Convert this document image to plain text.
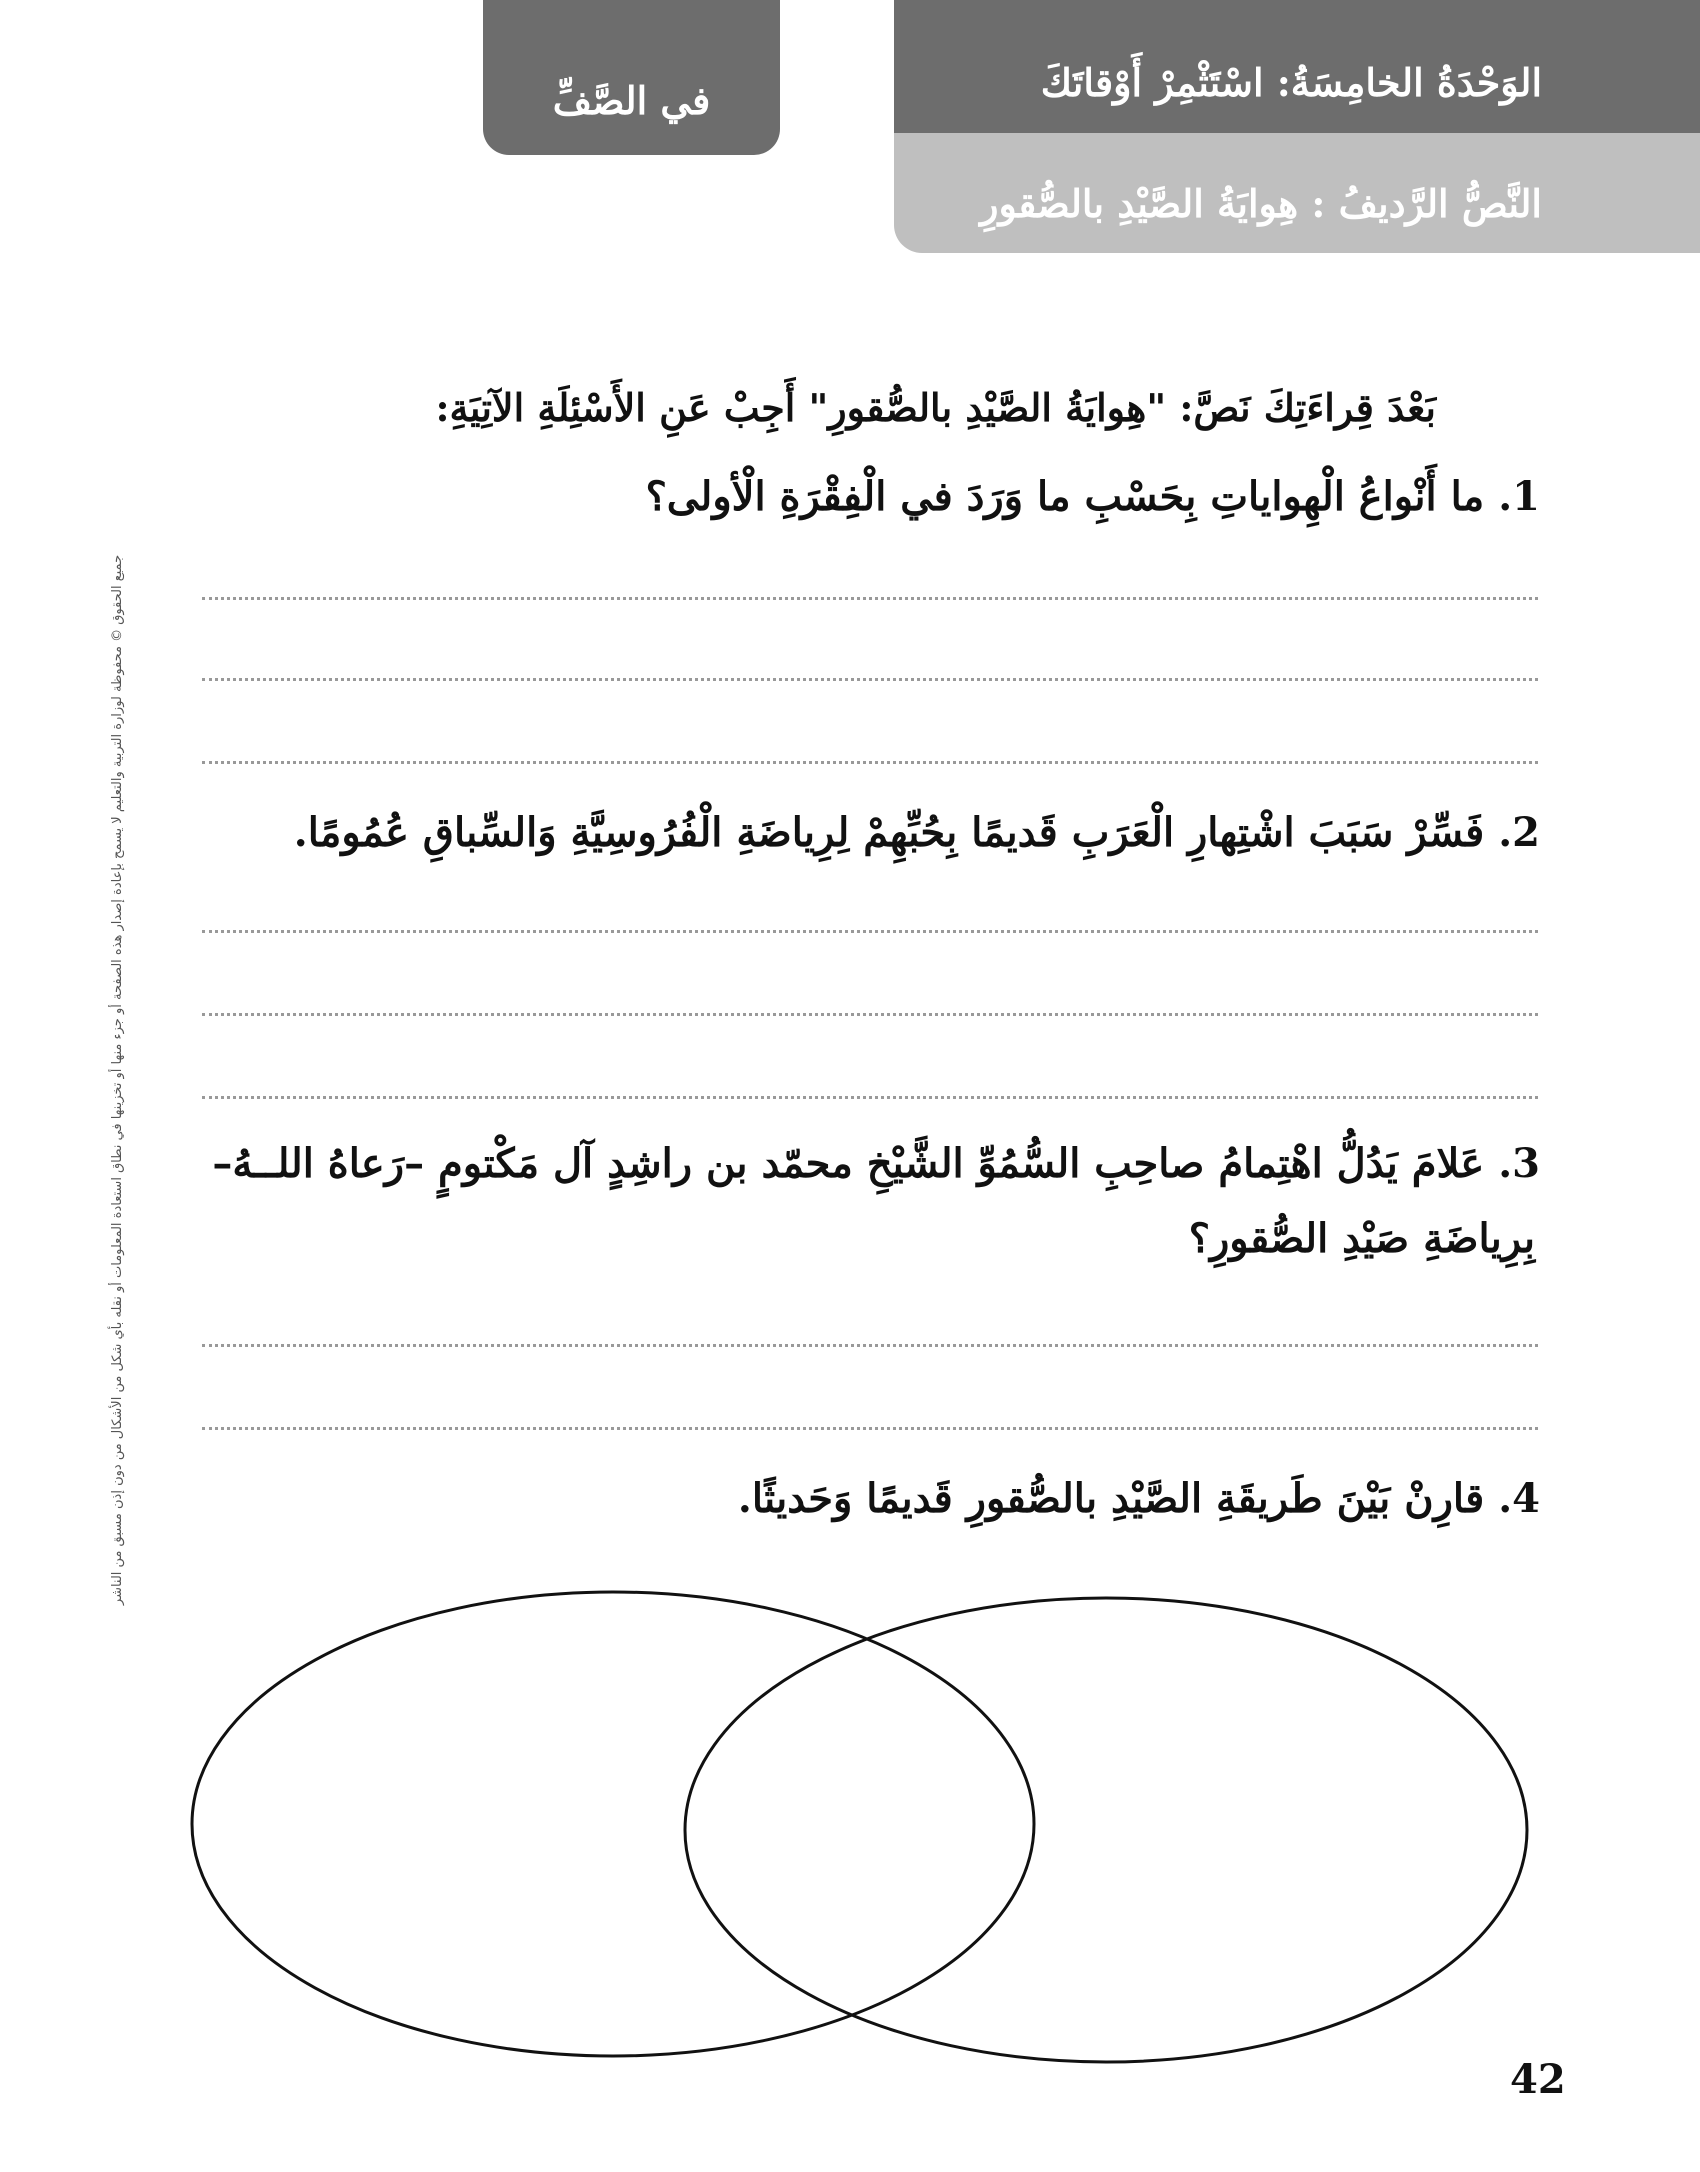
الوَحْدَةُ الخامِسَةُ: اسْتَثْمِرْ أَوْقاتَكَ
النَّصُّ الرَّديفُ : هِوايَةُ الصَّيْدِ بالصُّقورِ
في الصَّفِّ
جميع الحقوق © محفوظة لوزارة التربية والتعليم لا يسمح بإعادة إصدار هذه الصفحة أو جزء منها أو تخزينها في نطاق استعادة المعلومات أو نقله بأي شكل من الأشكال من دون إذن مسبق من الناشر
بَعْدَ قِراءَتِكَ نَصَّ: "هِوايَةُ الصَّيْدِ بالصُّقورِ" أَجِبْ عَنِ الأَسْئِلَةِ الآتِيَةِ:
1.ما أَنْواعُ الْهِواياتِ بِحَسْبِ ما وَرَدَ في الْفِقْرَةِ الْأولى؟
2.فَسِّرْ سَبَبَ اشْتِهارِ الْعَرَبِ قَديمًا بِحُبِّهِمْ لِرِياضَةِ الْفُرُوسِيَّةِ وَالسِّباقِ عُمُومًا.
3.عَلامَ يَدُلُّ اهْتِمامُ صاحِبِ السُّمُوِّ الشَّيْخِ محمّد بن راشِدٍ آل مَكْتومٍ –رَعاهُ اللــهُ–
بِرِياضَةِ صَيْدِ الصُّقورِ؟
4.قارِنْ بَيْنَ طَريقَةِ الصَّيْدِ بالصُّقورِ قَديمًا وَحَديثًا.
42
